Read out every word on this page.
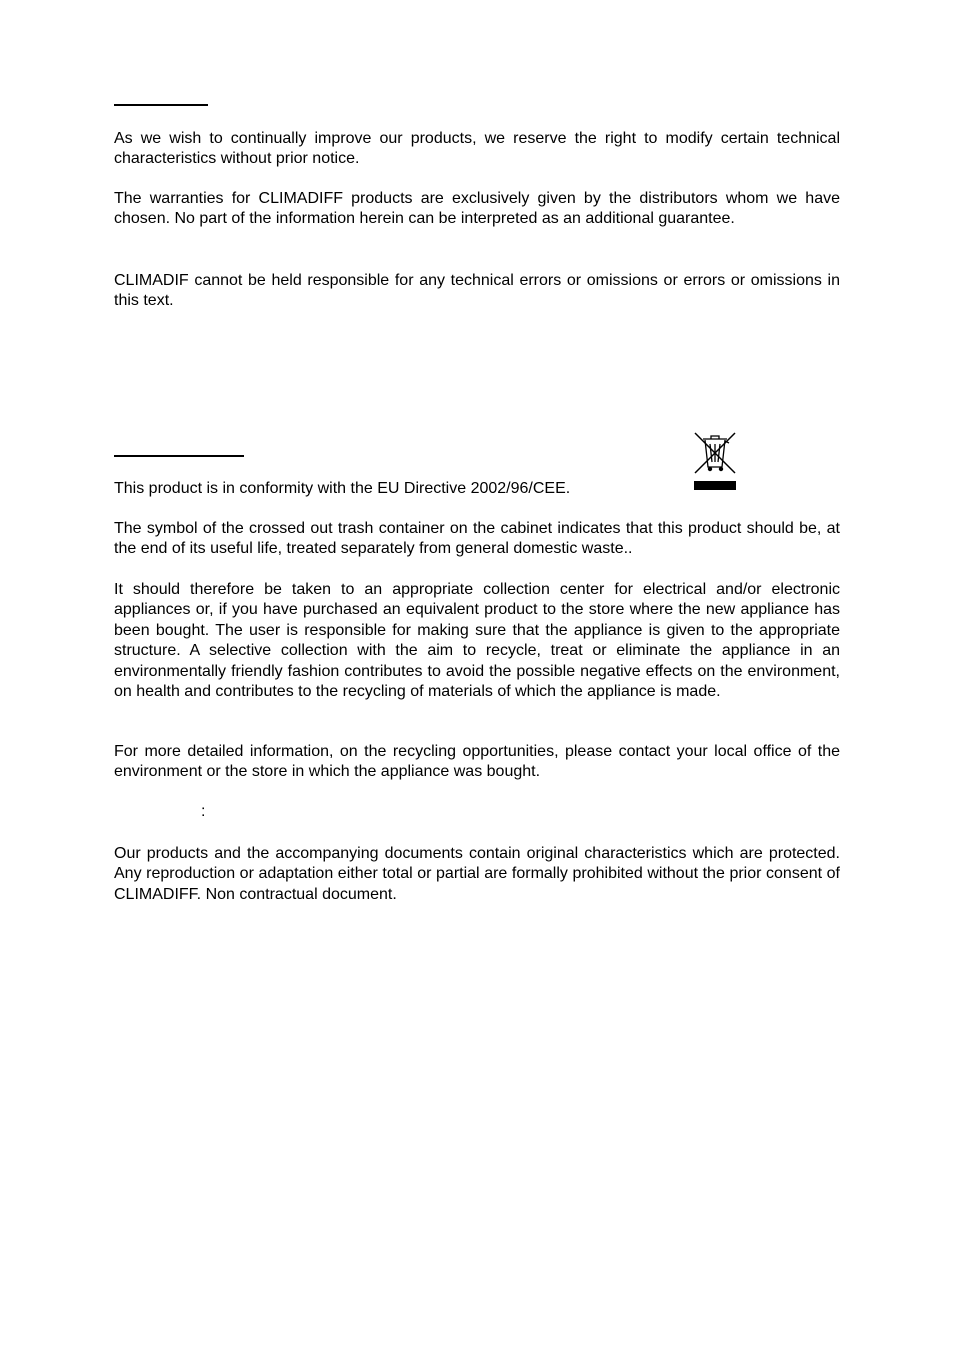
As we wish to continually improve our products, we reserve the right to modify certain technical characteristics without prior notice.

The warranties for CLIMADIFF products are exclusively given by the distributors whom we have chosen. No part of the information herein can be interpreted as an additional guarantee.

CLIMADIF cannot be held responsible for any technical errors or omissions or errors or omissions in this text.

This product is in conformity with the EU Directive 2002/96/CEE.

The symbol of the crossed out trash container on the cabinet indicates that this product should be, at the end of its useful life, treated separately from general domestic waste..

It should therefore be taken to an appropriate collection center for electrical and/or electronic appliances or, if you have purchased an equivalent product to the store where the new appliance has been bought. The user is responsible for making sure that the appliance is given to the appropriate structure. A selective collection with the aim to recycle, treat or eliminate the appliance in an environmentally friendly fashion contributes to avoid the possible negative effects on the environment, on health and contributes to the recycling of materials of which the appliance is made.

For more detailed information, on the recycling opportunities, please contact your local office of the environment or the store in which the appliance was bought.

:

Our products and the accompanying documents contain original characteristics which are protected. Any reproduction or adaptation either total or partial are formally prohibited without the prior consent of CLIMADIFF. Non contractual document.
